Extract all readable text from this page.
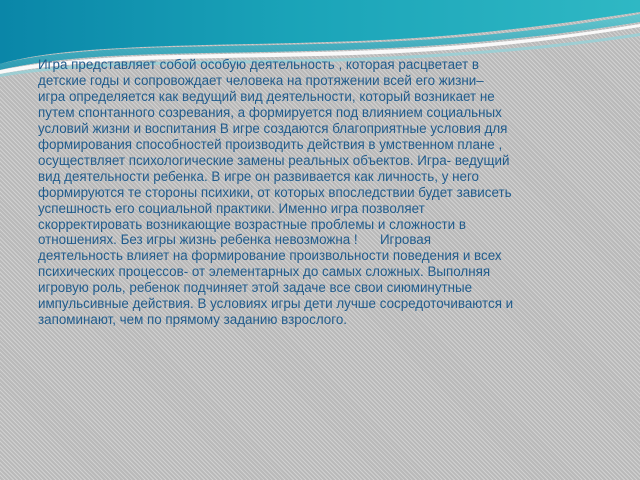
Игра представляет собой особую деятельность , которая расцветает в
детские годы и сопровождает человека на протяжении всей его жизни–
игра определяется как ведущий вид деятельности, который возникает не
путем спонтанного созревания, а формируется под влиянием социальных
условий жизни и воспитания В игре создаются благоприятные условия для
формирования способностей производить действия в умственном плане ,
осуществляет психологические замены реальных объектов. Игра- ведущий
вид деятельности ребенка. В игре он развивается как личность, у него
формируются те стороны психики, от которых впоследствии будет зависеть
успешность его социальной практики. Именно игра позволяет
скорректировать возникающие возрастные проблемы и сложности в
отношениях. Без игры жизнь ребенка невозможна !      Игровая
деятельность влияет на формирование произвольности поведения и всех
психических процессов- от элементарных до самых сложных. Выполняя
игровую роль, ребенок подчиняет этой задаче все свои сиюминутные
импульсивные действия. В условиях игры дети лучше сосредоточиваются и
запоминают, чем по прямому заданию взрослого.
